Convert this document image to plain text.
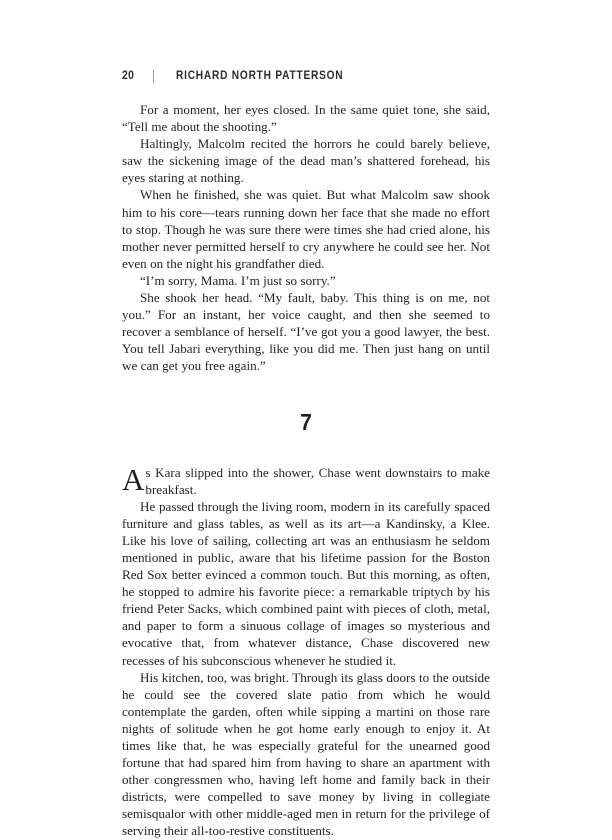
20	RICHARD NORTH PATTERSON

For a moment, her eyes closed. In the same quiet tone, she said, “Tell me about the shooting.”

Haltingly, Malcolm recited the horrors he could barely believe, saw the sickening image of the dead man’s shattered forehead, his eyes staring at nothing.

When he finished, she was quiet. But what Malcolm saw shook him to his core—tears running down her face that she made no effort to stop. Though he was sure there were times she had cried alone, his mother never permitted herself to cry anywhere he could see her. Not even on the night his grandfather died.

“I’m sorry, Mama. I’m just so sorry.”

She shook her head. “My fault, baby. This thing is on me, not you.” For an instant, her voice caught, and then she seemed to recover a semblance of herself. “I’ve got you a good lawyer, the best. You tell Jabari everything, like you did me. Then just hang on until we can get you free again.”

7

As Kara slipped into the shower, Chase went downstairs to make breakfast.

He passed through the living room, modern in its carefully spaced furniture and glass tables, as well as its art—a Kandinsky, a Klee. Like his love of sailing, collecting art was an enthusiasm he seldom mentioned in public, aware that his lifetime passion for the Boston Red Sox better evinced a common touch. But this morning, as often, he stopped to admire his favorite piece: a remarkable triptych by his friend Peter Sacks, which combined paint with pieces of cloth, metal, and paper to form a sinuous collage of images so mysterious and evocative that, from whatever distance, Chase discovered new recesses of his subconscious whenever he studied it.

His kitchen, too, was bright. Through its glass doors to the outside he could see the covered slate patio from which he would contemplate the garden, often while sipping a martini on those rare nights of solitude when he got home early enough to enjoy it. At times like that, he was especially grateful for the unearned good fortune that had spared him from having to share an apartment with other congressmen who, having left home and family back in their districts, were compelled to save money by living in collegiate semisqualor with other middle-aged men in return for the privilege of serving their all-too-restive constituents.
